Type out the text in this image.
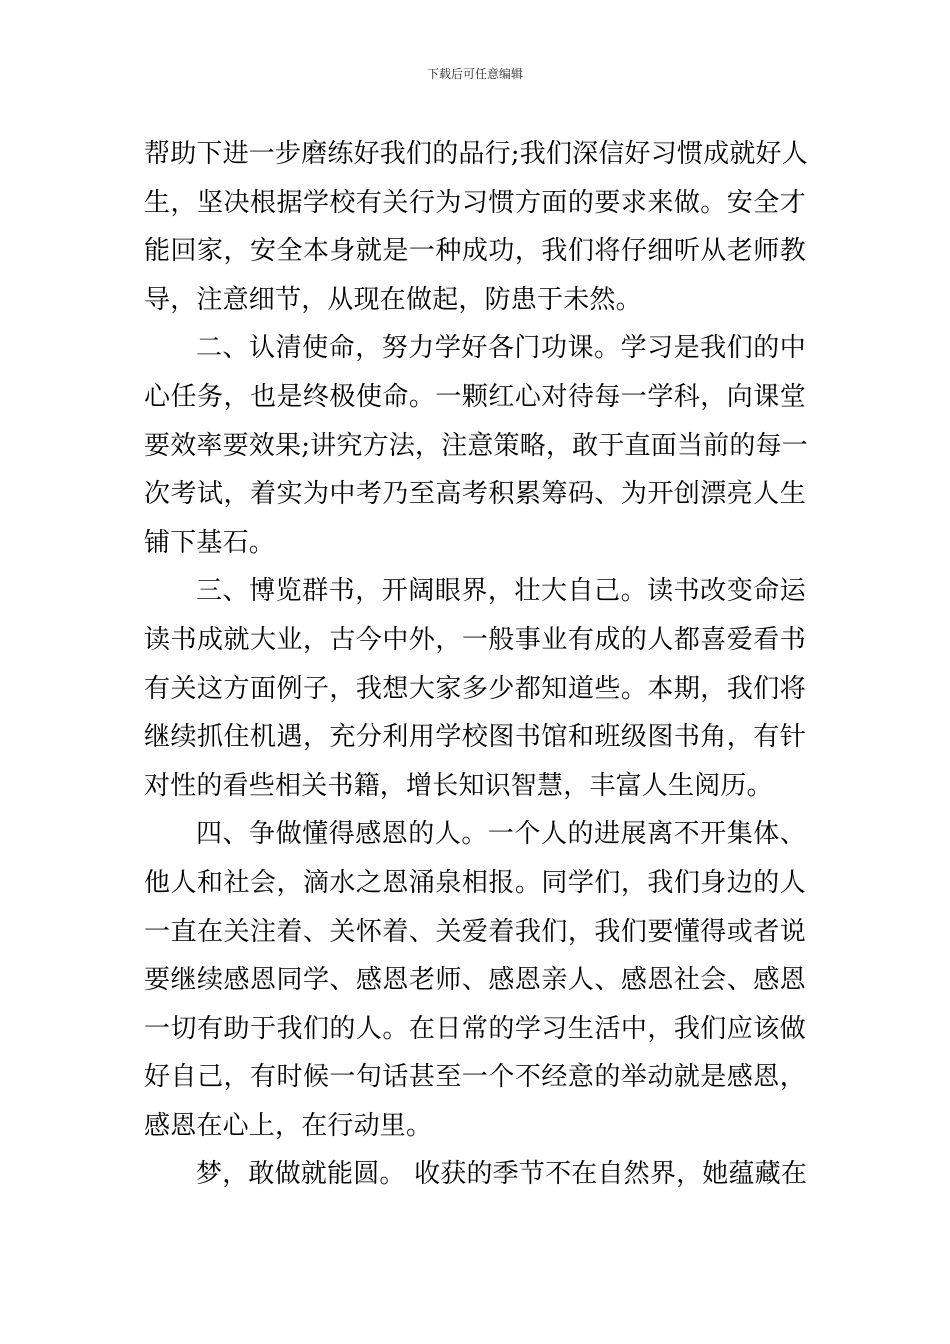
下载后可任意编辑
帮助下进一步磨练好我们的品行;我们深信好习惯成就好人
生，坚决根据学校有关行为习惯方面的要求来做。安全才
能回家，安全本身就是一种成功，我们将仔细听从老师教
导，注意细节，从现在做起，防患于未然。
二、认清使命，努力学好各门功课。学习是我们的中
心任务，也是终极使命。一颗红心对待每一学科，向课堂
要效率要效果;讲究方法，注意策略，敢于直面当前的每一
次考试，着实为中考乃至高考积累筹码、为开创漂亮人生
铺下基石。
三、博览群书，开阔眼界，壮大自己。读书改变命运
读书成就大业，古今中外，一般事业有成的人都喜爱看书
有关这方面例子，我想大家多少都知道些。本期，我们将
继续抓住机遇，充分利用学校图书馆和班级图书角，有针
对性的看些相关书籍，增长知识智慧，丰富人生阅历。
四、争做懂得感恩的人。一个人的进展离不开集体、
他人和社会，滴水之恩涌泉相报。同学们，我们身边的人
一直在关注着、关怀着、关爱着我们，我们要懂得或者说
要继续感恩同学、感恩老师、感恩亲人、感恩社会、感恩
一切有助于我们的人。在日常的学习生活中，我们应该做
好自己，有时候一句话甚至一个不经意的举动就是感恩，
感恩在心上，在行动里。
梦，敢做就能圆。 收获的季节不在自然界，她蕴藏在
